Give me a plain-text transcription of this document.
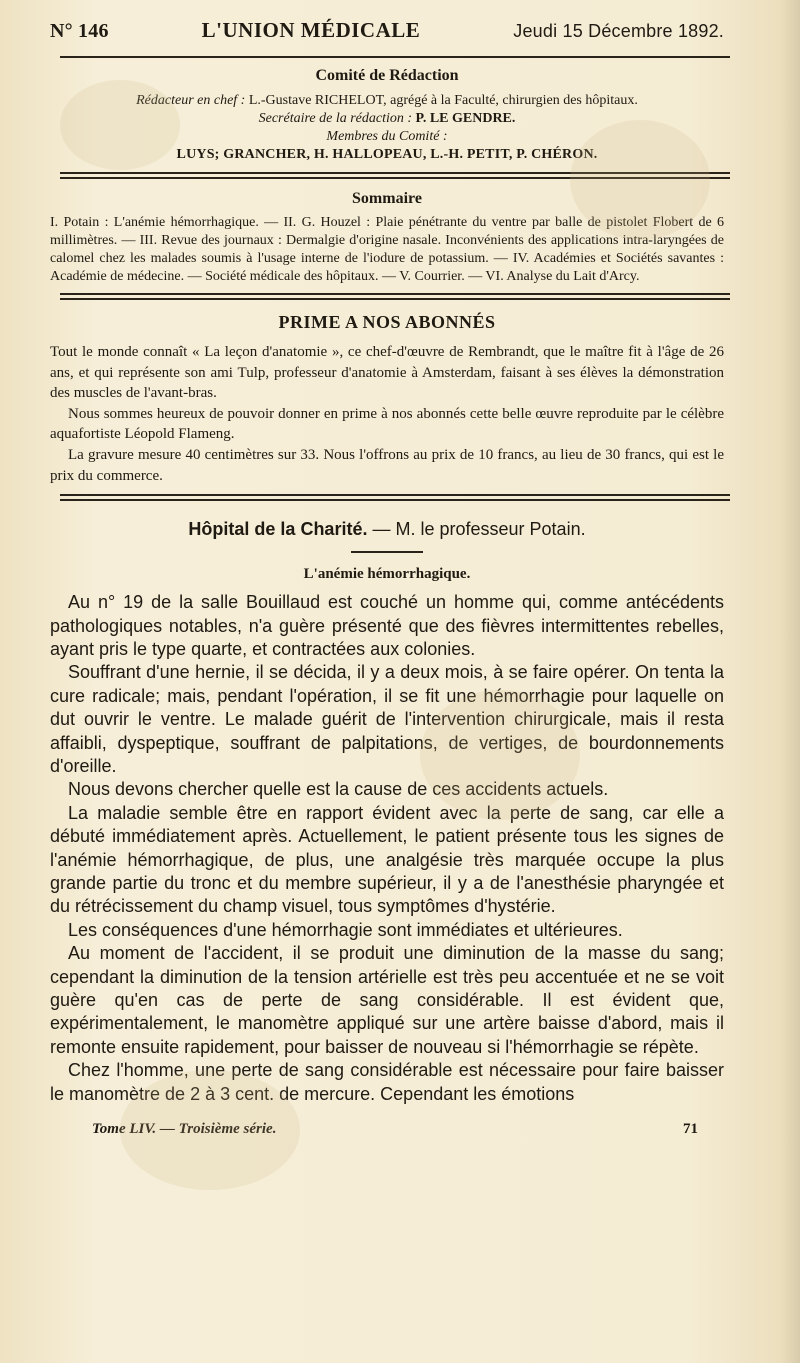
N° 146	L'UNION MÉDICALE	Jeudi 15 Décembre 1892.
Comité de Rédaction
Rédacteur en chef : L.-Gustave RICHELOT, agrégé à la Faculté, chirurgien des hôpitaux.
Secrétaire de la rédaction : P. LE GENDRE.
Membres du Comité :
LUYS; GRANCHER, H. HALLOPEAU, L.-H. PETIT, P. CHÉRON.
Sommaire
I. Potain : L'anémie hémorrhagique. — II. G. Houzel : Plaie pénétrante du ventre par balle de pistolet Flobert de 6 millimètres. — III. Revue des journaux : Dermalgie d'origine nasale. Inconvénients des applications intra-laryngées de calomel chez les malades soumis à l'usage interne de l'iodure de potassium. — IV. Académies et Sociétés savantes : Académie de médecine. — Société médicale des hôpitaux. — V. Courrier. — VI. Analyse du Lait d'Arcy.
PRIME A NOS ABONNÉS

Tout le monde connaît « La leçon d'anatomie », ce chef-d'œuvre de Rembrandt, que le maître fit à l'âge de 26 ans, et qui représente son ami Tulp, professeur d'anatomie à Amsterdam, faisant à ses élèves la démonstration des muscles de l'avant-bras.

Nous sommes heureux de pouvoir donner en prime à nos abonnés cette belle œuvre reproduite par le célèbre aquafortiste Léopold Flameng.

La gravure mesure 40 centimètres sur 33. Nous l'offrons au prix de 10 francs, au lieu de 30 francs, qui est le prix du commerce.

Hôpital de la Charité. — M. le professeur Potain.
L'anémie hémorrhagique.

Au n° 19 de la salle Bouillaud est couché un homme qui, comme antécédents pathologiques notables, n'a guère présenté que des fièvres intermittentes rebelles, ayant pris le type quarte, et contractées aux colonies.

Souffrant d'une hernie, il se décida, il y a deux mois, à se faire opérer. On tenta la cure radicale; mais, pendant l'opération, il se fit une hémorrhagie pour laquelle on dut ouvrir le ventre. Le malade guérit de l'intervention chirurgicale, mais il resta affaibli, dyspeptique, souffrant de palpitations, de vertiges, de bourdonnements d'oreille.

Nous devons chercher quelle est la cause de ces accidents actuels.

La maladie semble être en rapport évident avec la perte de sang, car elle a débuté immédiatement après. Actuellement, le patient présente tous les signes de l'anémie hémorrhagique, de plus, une analgésie très marquée occupe la plus grande partie du tronc et du membre supérieur, il y a de l'anesthésie pharyngée et du rétrécissement du champ visuel, tous symptômes d'hystérie.

Les conséquences d'une hémorrhagie sont immédiates et ultérieures.

Au moment de l'accident, il se produit une diminution de la masse du sang; cependant la diminution de la tension artérielle est très peu accentuée et ne se voit guère qu'en cas de perte de sang considérable. Il est évident que, expérimentalement, le manomètre appliqué sur une artère baisse d'abord, mais il remonte ensuite rapidement, pour baisser de nouveau si l'hémorrhagie se répète.

Chez l'homme, une perte de sang considérable est nécessaire pour faire baisser le manomètre de 2 à 3 cent. de mercure. Cependant les émotions

Tome LIV. — Troisième série.	71
